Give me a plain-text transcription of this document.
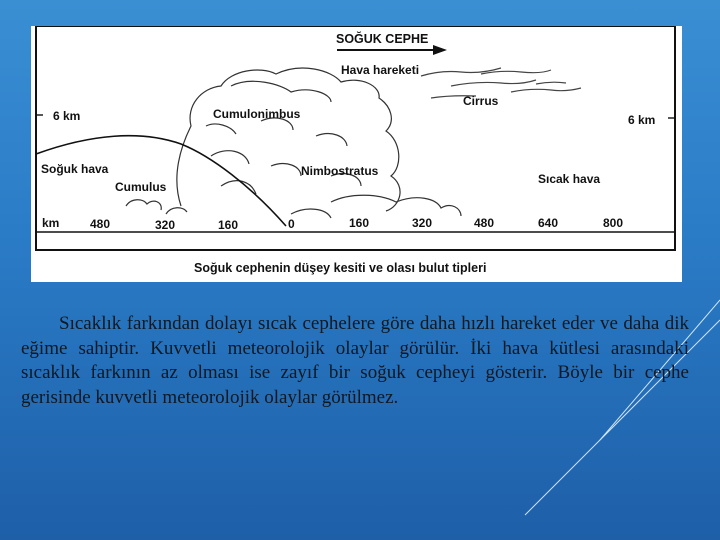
SOĞUK CEPHE
Hava hareketi
6 km	6 km
Cumulonimbus
Cirrus
Nimbostratus
Cumulus
Soğuk hava
Sıcak hava
km	480	320	160	0	160	320	480	640	800
Soğuk cephenin düşey kesiti ve olası bulut tipleri

Sıcaklık farkından dolayı sıcak cephelere göre daha hızlı hareket eder ve daha dik eğime sahiptir. Kuvvetli meteorolojik olaylar görülür. İki hava kütlesi arasındaki sıcaklık farkının az olması ise zayıf bir soğuk cepheyi gösterir. Böyle bir cephe gerisinde kuvvetli meteorolojik olaylar görülmez.
